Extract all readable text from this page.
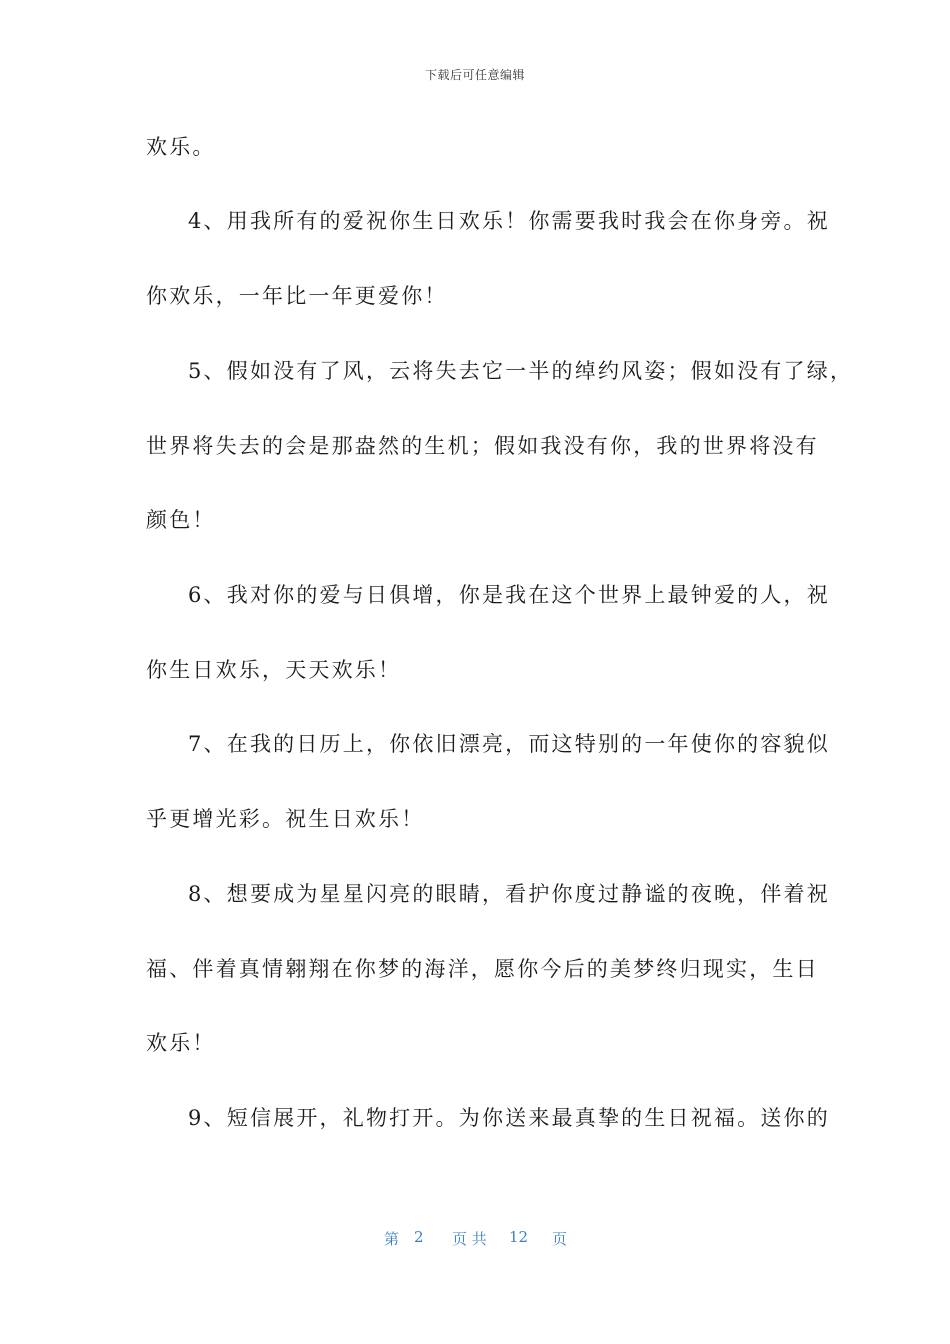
下载后可任意编辑
欢乐。
4、用我所有的爱祝你生日欢乐！你需要我时我会在你身旁。祝
你欢乐，一年比一年更爱你！
5、假如没有了风，云将失去它一半的绰约风姿；假如没有了绿，
世界将失去的会是那盎然的生机；假如我没有你，我的世界将没有
颜色！
6、我对你的爱与日俱增，你是我在这个世界上最钟爱的人，祝
你生日欢乐，天天欢乐！
7、在我的日历上，你依旧漂亮，而这特别的一年使你的容貌似
乎更增光彩。祝生日欢乐！
8、想要成为星星闪亮的眼睛，看护你度过静谧的夜晚，伴着祝
福、伴着真情翱翔在你梦的海洋，愿你今后的美梦终归现实，生日
欢乐！
9、短信展开，礼物打开。为你送来最真挚的生日祝福。送你的
第 2 页 共 12 页
